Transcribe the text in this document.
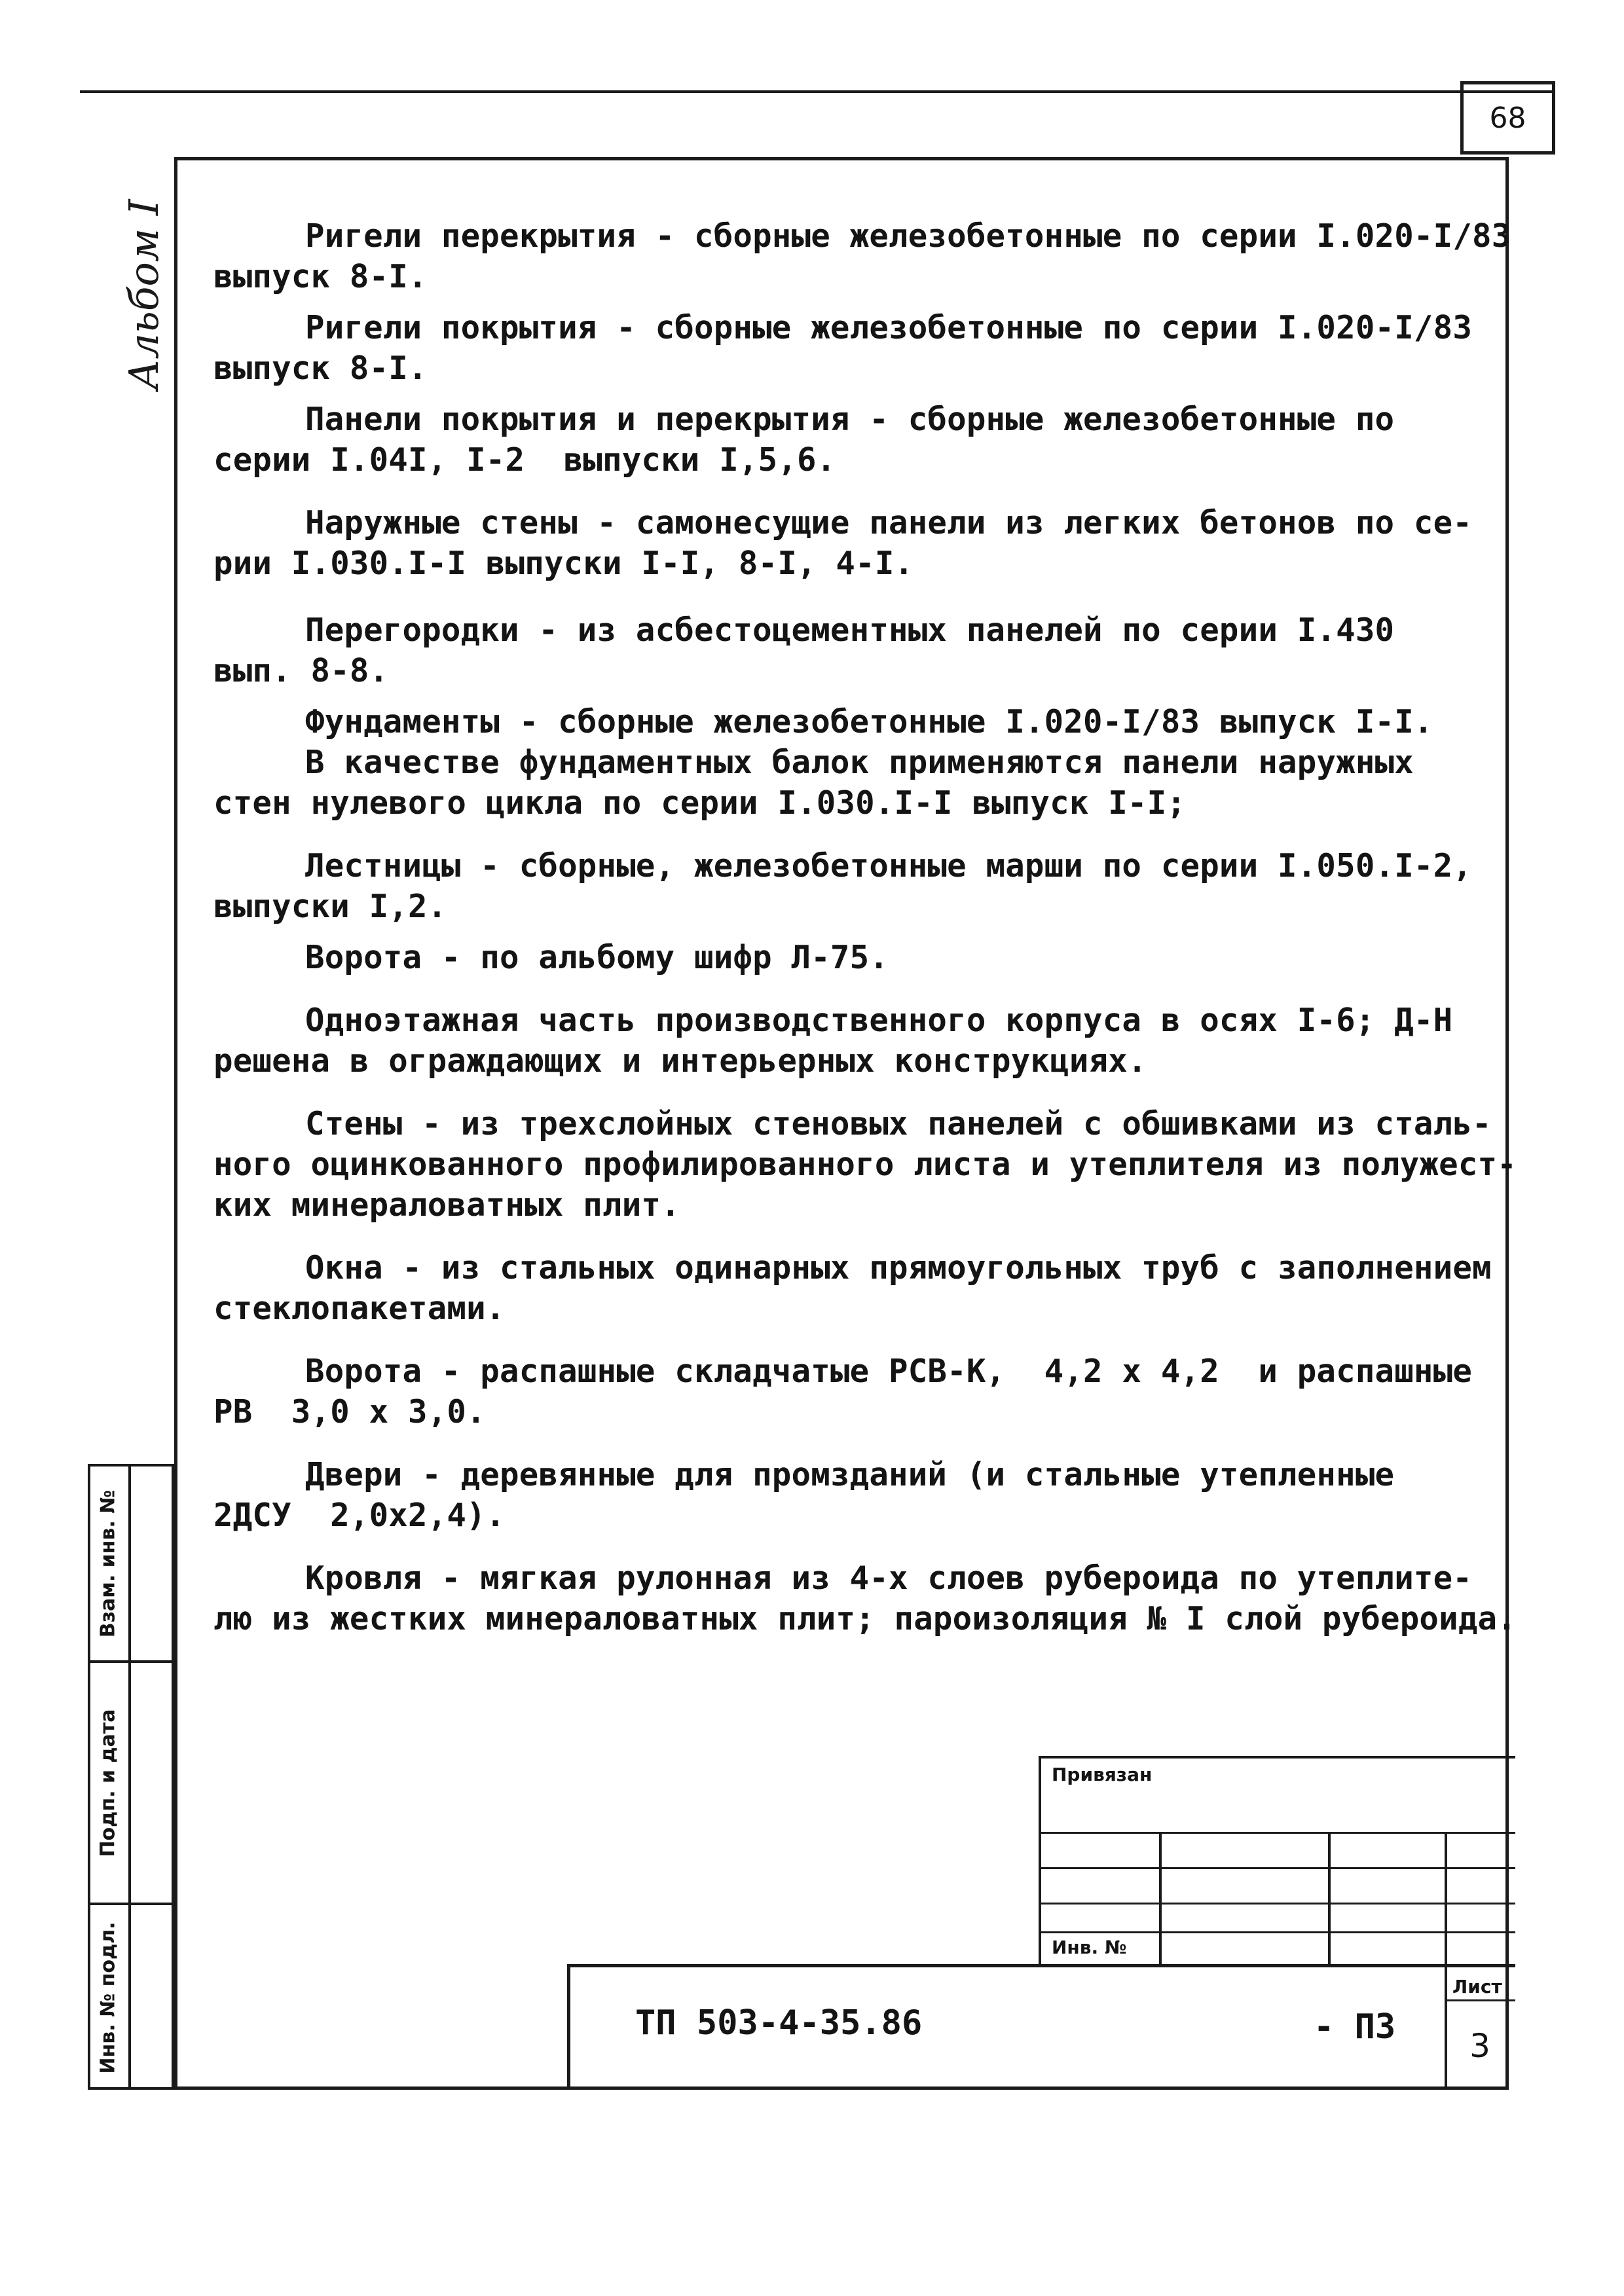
68
Альбом I
Взам. инв. №
Подп. и дата
Инв. № подл.
Ригели перекрытия - сборные железобетонные по серии I.020-I/83
выпуск 8-I.
Ригели покрытия - сборные железобетонные по серии I.020-I/83
выпуск 8-I.
Панели покрытия и перекрытия - сборные железобетонные по
серии I.04I, I-2  выпуски I,5,6.
Наружные стены - самонесущие панели из легких бетонов по се-
рии I.030.I-I выпуски I-I, 8-I, 4-I.
Перегородки - из асбестоцементных панелей по серии I.430
вып. 8-8.
Фундаменты - сборные железобетонные I.020-I/83 выпуск I-I.
В качестве фундаментных балок применяются панели наружных
стен нулевого цикла по серии I.030.I-I выпуск I-I;
Лестницы - сборные, железобетонные марши по серии I.050.I-2,
выпуски I,2.
Ворота - по альбому шифр Л-75.
Одноэтажная часть производственного корпуса в осях I-6; Д-Н
решена в ограждающих и интерьерных конструкциях.
Стены - из трехслойных стеновых панелей с обшивками из сталь-
ного оцинкованного профилированного листа и утеплителя из полужест-
ких минераловатных плит.
Окна - из стальных одинарных прямоугольных труб с заполнением
стеклопакетами.
Ворота - распашные складчатые РСВ-К,  4,2 x 4,2  и распашные
РВ  3,0 x 3,0.
Двери - деревянные для промзданий (и стальные утепленные
2ДСУ  2,0x2,4).
Кровля - мягкая рулонная из 4-х слоев рубероида по утеплите-
лю из жестких минераловатных плит; пароизоляция № I слой рубероида.
Привязан
Инв. №
ТП 503-4-35.86	- ПЗ
Лист
3
